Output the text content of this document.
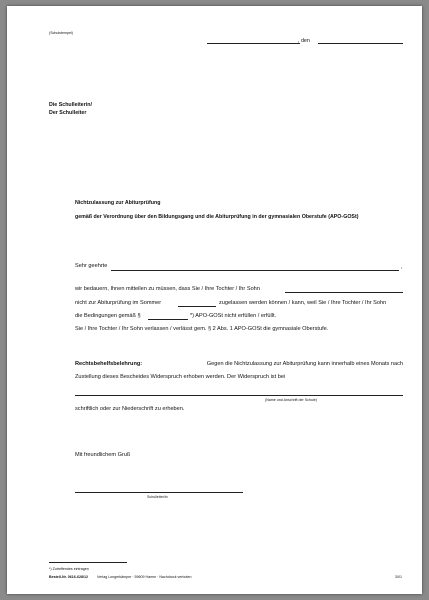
(Schulstempel)
, den
Die Schulleiterin/
Der Schulleiter
Nichtzulassung zur Abiturprüfung
gemäß der Verordnung über den Bildungsgang und die Abiturprüfung in der gymnasialen Oberstufe (APO-GOSt)
Sehr geehrte	,
wir bedauern, Ihnen mitteilen zu müssen, dass Sie / Ihre Tochter / Ihr Sohn
nicht zur Abiturprüfung im Sommer	zugelassen werden können / kann, weil Sie / Ihre Tochter / Ihr Sohn
die Bedingungen gemäß §	*) APO-GOSt nicht erfüllen / erfüllt.
Sie / Ihre Tochter / Ihr Sohn verlassen / verlässt gem. § 2 Abs. 1 APO-GOSt die gymnasiale Oberstufe.
Rechtsbehelfsbelehrung:	Gegen die Nichtzulassung zur Abiturprüfung kann innerhalb eines Monats nach
Zustellung dieses Bescheides Widerspruch erhoben werden. Der Widerspruch ist bei
(Name und Anschrift der Schule)
schriftlich oder zur Niederschrift zu erheben.
Mit freundlichem Gruß
Schulleiter/in
*) Zutreffendes eintragen
Bestell-Nr. 0616-628/12	Verlag Longerkämper · 59609 Hamm · Nachdruck verboten	3/01
